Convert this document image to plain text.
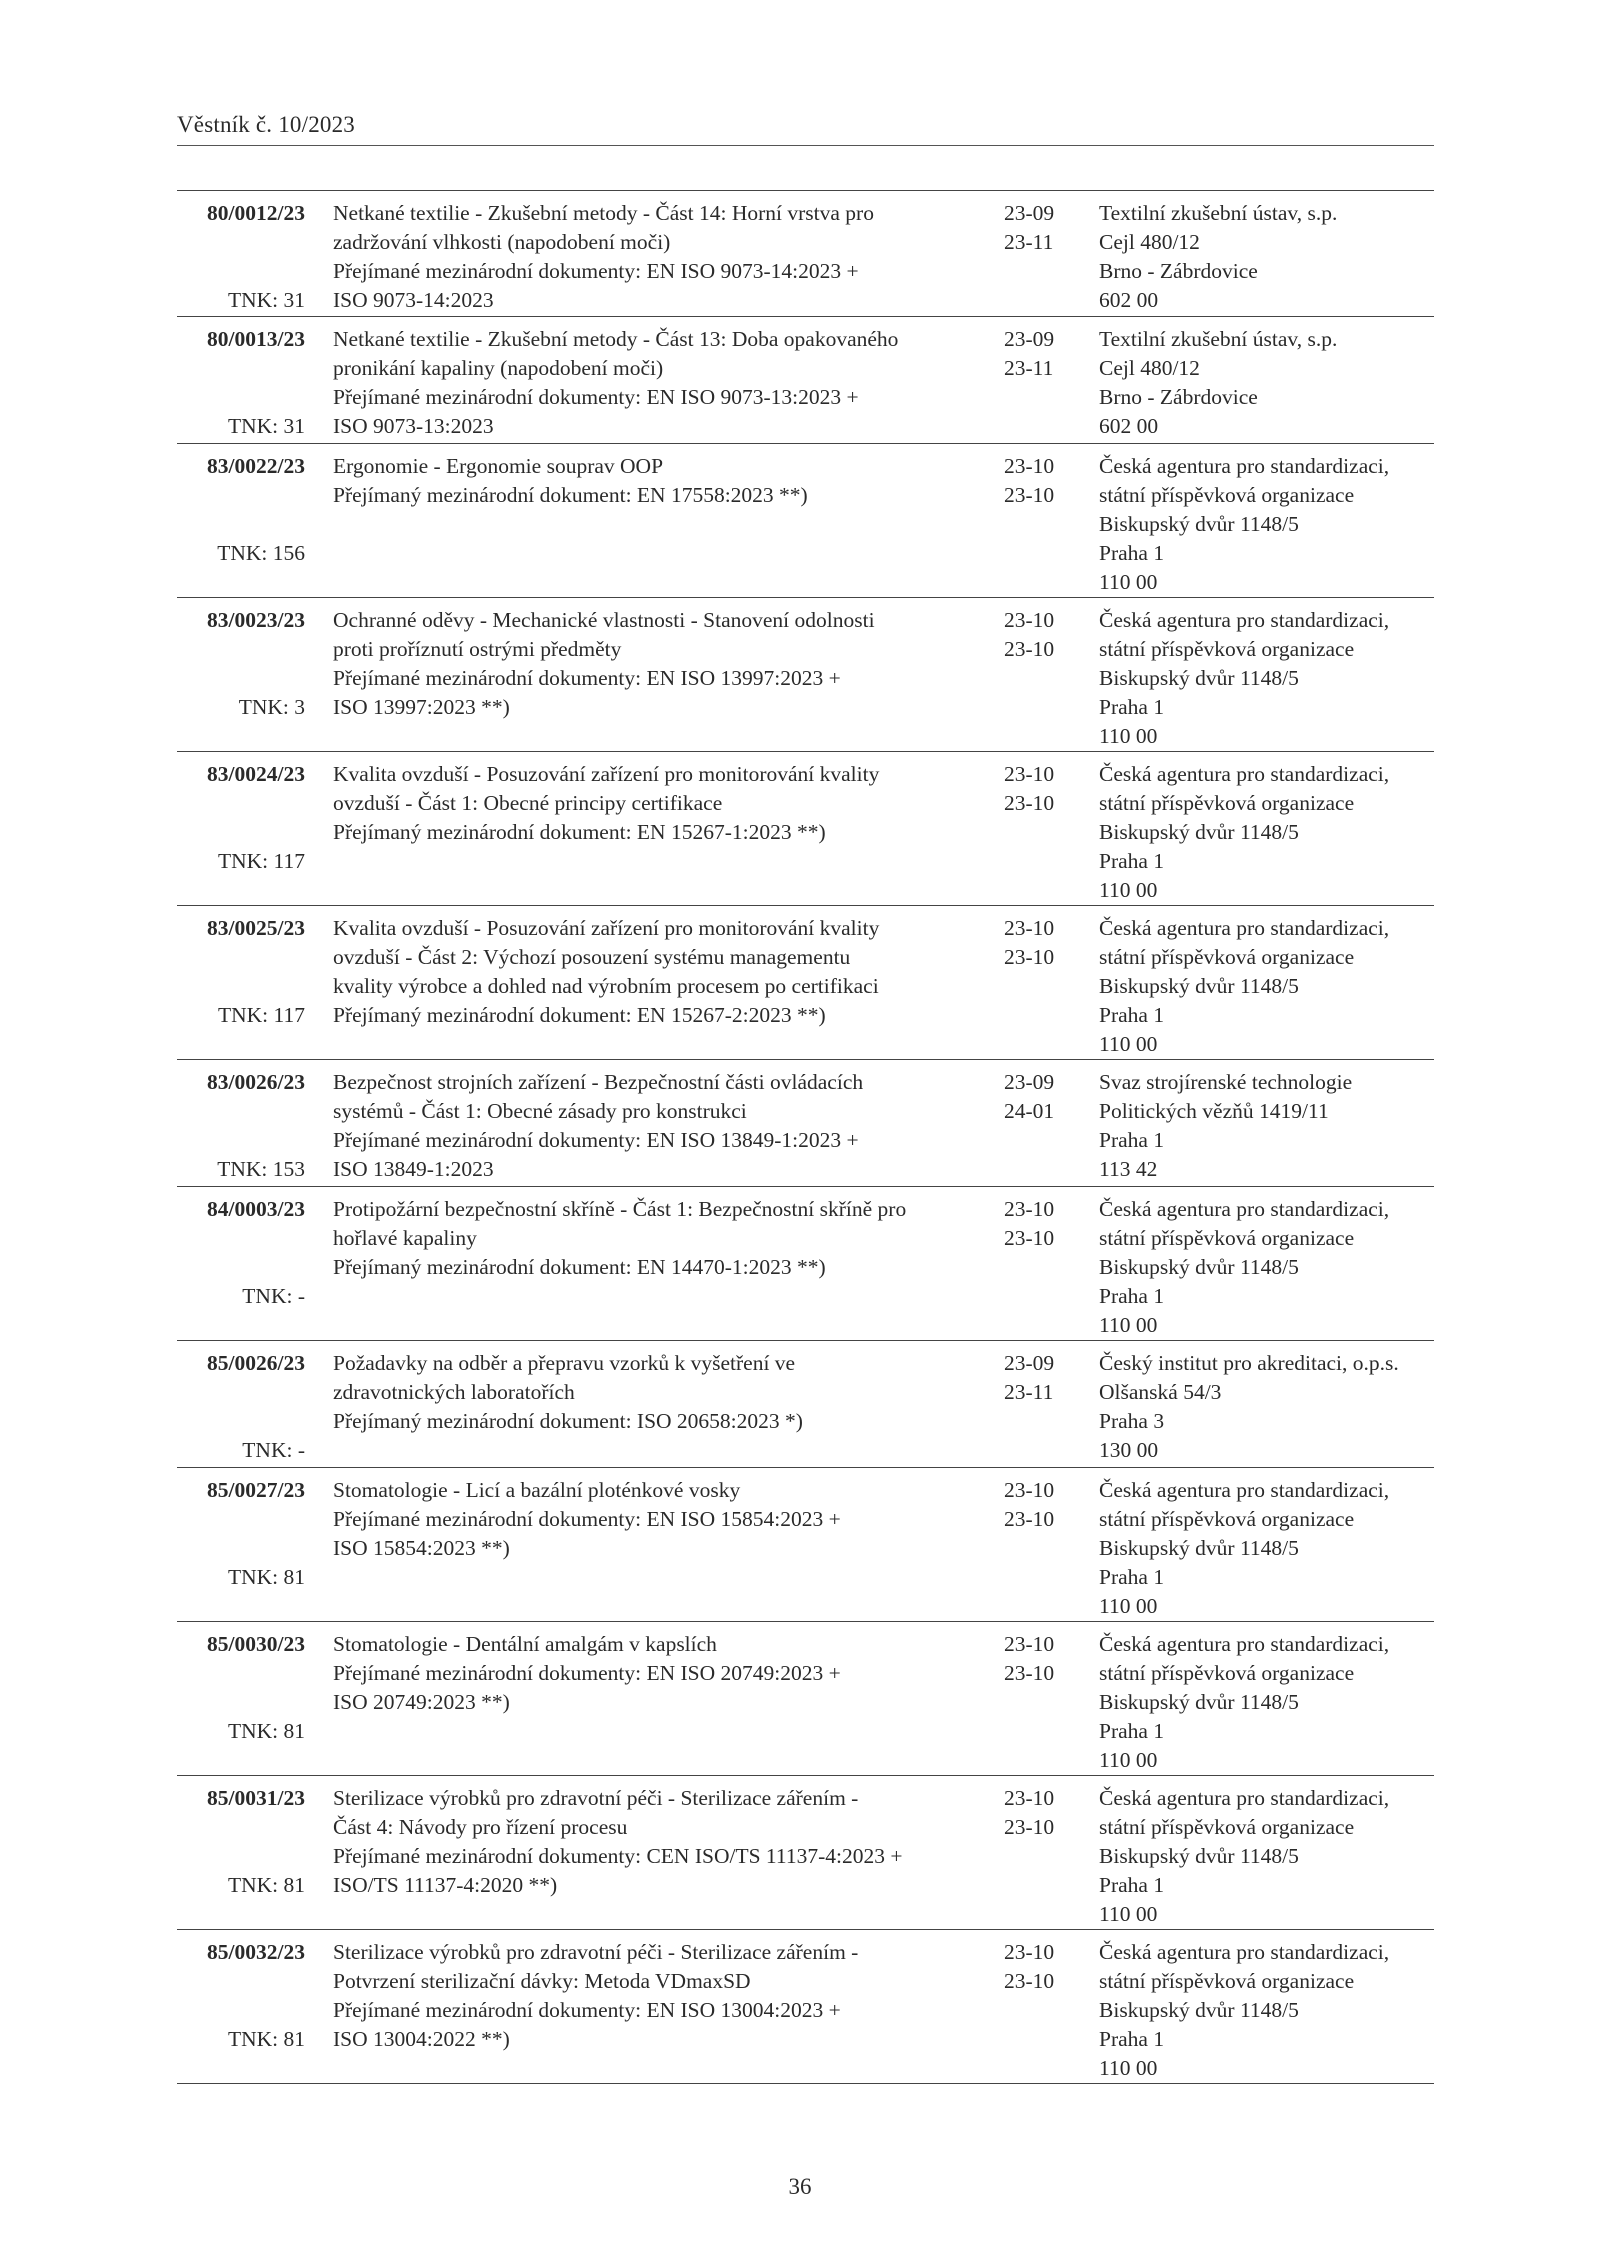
Věstník č. 10/2023
80/0012/23
TNK: 31
Netkané textilie - Zkušební metody - Část 14: Horní vrstva pro
zadržování vlhkosti (napodobení moči)
Přejímané mezinárodní dokumenty: EN ISO 9073-14:2023 +
ISO 9073-14:2023
23-09
23-11
Textilní zkušební ústav, s.p.
Cejl 480/12
Brno - Zábrdovice
602 00
80/0013/23
TNK: 31
Netkané textilie - Zkušební metody - Část 13: Doba opakovaného
pronikání kapaliny (napodobení moči)
Přejímané mezinárodní dokumenty: EN ISO 9073-13:2023 +
ISO 9073-13:2023
23-09
23-11
Textilní zkušební ústav, s.p.
Cejl 480/12
Brno - Zábrdovice
602 00
83/0022/23
TNK: 156
Ergonomie - Ergonomie souprav OOP
Přejímaný mezinárodní dokument: EN 17558:2023 **)
23-10
23-10
Česká agentura pro standardizaci,
státní příspěvková organizace
Biskupský dvůr 1148/5
Praha 1
110 00
83/0023/23
TNK: 3
Ochranné oděvy - Mechanické vlastnosti - Stanovení odolnosti
proti proříznutí ostrými předměty
Přejímané mezinárodní dokumenty: EN ISO 13997:2023 +
ISO 13997:2023 **)
23-10
23-10
Česká agentura pro standardizaci,
státní příspěvková organizace
Biskupský dvůr 1148/5
Praha 1
110 00
83/0024/23
TNK: 117
Kvalita ovzduší - Posuzování zařízení pro monitorování kvality
ovzduší - Část 1: Obecné principy certifikace
Přejímaný mezinárodní dokument: EN 15267-1:2023 **)
23-10
23-10
Česká agentura pro standardizaci,
státní příspěvková organizace
Biskupský dvůr 1148/5
Praha 1
110 00
83/0025/23
TNK: 117
Kvalita ovzduší - Posuzování zařízení pro monitorování kvality
ovzduší - Část 2: Výchozí posouzení systému managementu
kvality výrobce a dohled nad výrobním procesem po certifikaci
Přejímaný mezinárodní dokument: EN 15267-2:2023 **)
23-10
23-10
Česká agentura pro standardizaci,
státní příspěvková organizace
Biskupský dvůr 1148/5
Praha 1
110 00
83/0026/23
TNK: 153
Bezpečnost strojních zařízení - Bezpečnostní části ovládacích
systémů - Část 1: Obecné zásady pro konstrukci
Přejímané mezinárodní dokumenty: EN ISO 13849-1:2023 +
ISO 13849-1:2023
23-09
24-01
Svaz strojírenské technologie
Politických vězňů 1419/11
Praha 1
113 42
84/0003/23
TNK: -
Protipožární bezpečnostní skříně - Část 1: Bezpečnostní skříně pro
hořlavé kapaliny
Přejímaný mezinárodní dokument: EN 14470-1:2023 **)
23-10
23-10
Česká agentura pro standardizaci,
státní příspěvková organizace
Biskupský dvůr 1148/5
Praha 1
110 00
85/0026/23
TNK: -
Požadavky na odběr a přepravu vzorků k vyšetření ve
zdravotnických laboratořích
Přejímaný mezinárodní dokument: ISO 20658:2023 *)
23-09
23-11
Český institut pro akreditaci, o.p.s.
Olšanská 54/3
Praha 3
130 00
85/0027/23
TNK: 81
Stomatologie - Licí a bazální ploténkové vosky
Přejímané mezinárodní dokumenty: EN ISO 15854:2023 +
ISO 15854:2023 **)
23-10
23-10
Česká agentura pro standardizaci,
státní příspěvková organizace
Biskupský dvůr 1148/5
Praha 1
110 00
85/0030/23
TNK: 81
Stomatologie - Dentální amalgám v kapslích
Přejímané mezinárodní dokumenty: EN ISO 20749:2023 +
ISO 20749:2023 **)
23-10
23-10
Česká agentura pro standardizaci,
státní příspěvková organizace
Biskupský dvůr 1148/5
Praha 1
110 00
85/0031/23
TNK: 81
Sterilizace výrobků pro zdravotní péči - Sterilizace zářením -
Část 4: Návody pro řízení procesu
Přejímané mezinárodní dokumenty: CEN ISO/TS 11137-4:2023 +
ISO/TS 11137-4:2020 **)
23-10
23-10
Česká agentura pro standardizaci,
státní příspěvková organizace
Biskupský dvůr 1148/5
Praha 1
110 00
85/0032/23
TNK: 81
Sterilizace výrobků pro zdravotní péči - Sterilizace zářením -
Potvrzení sterilizační dávky: Metoda VDmaxSD
Přejímané mezinárodní dokumenty: EN ISO 13004:2023 +
ISO 13004:2022 **)
23-10
23-10
Česká agentura pro standardizaci,
státní příspěvková organizace
Biskupský dvůr 1148/5
Praha 1
110 00
36
